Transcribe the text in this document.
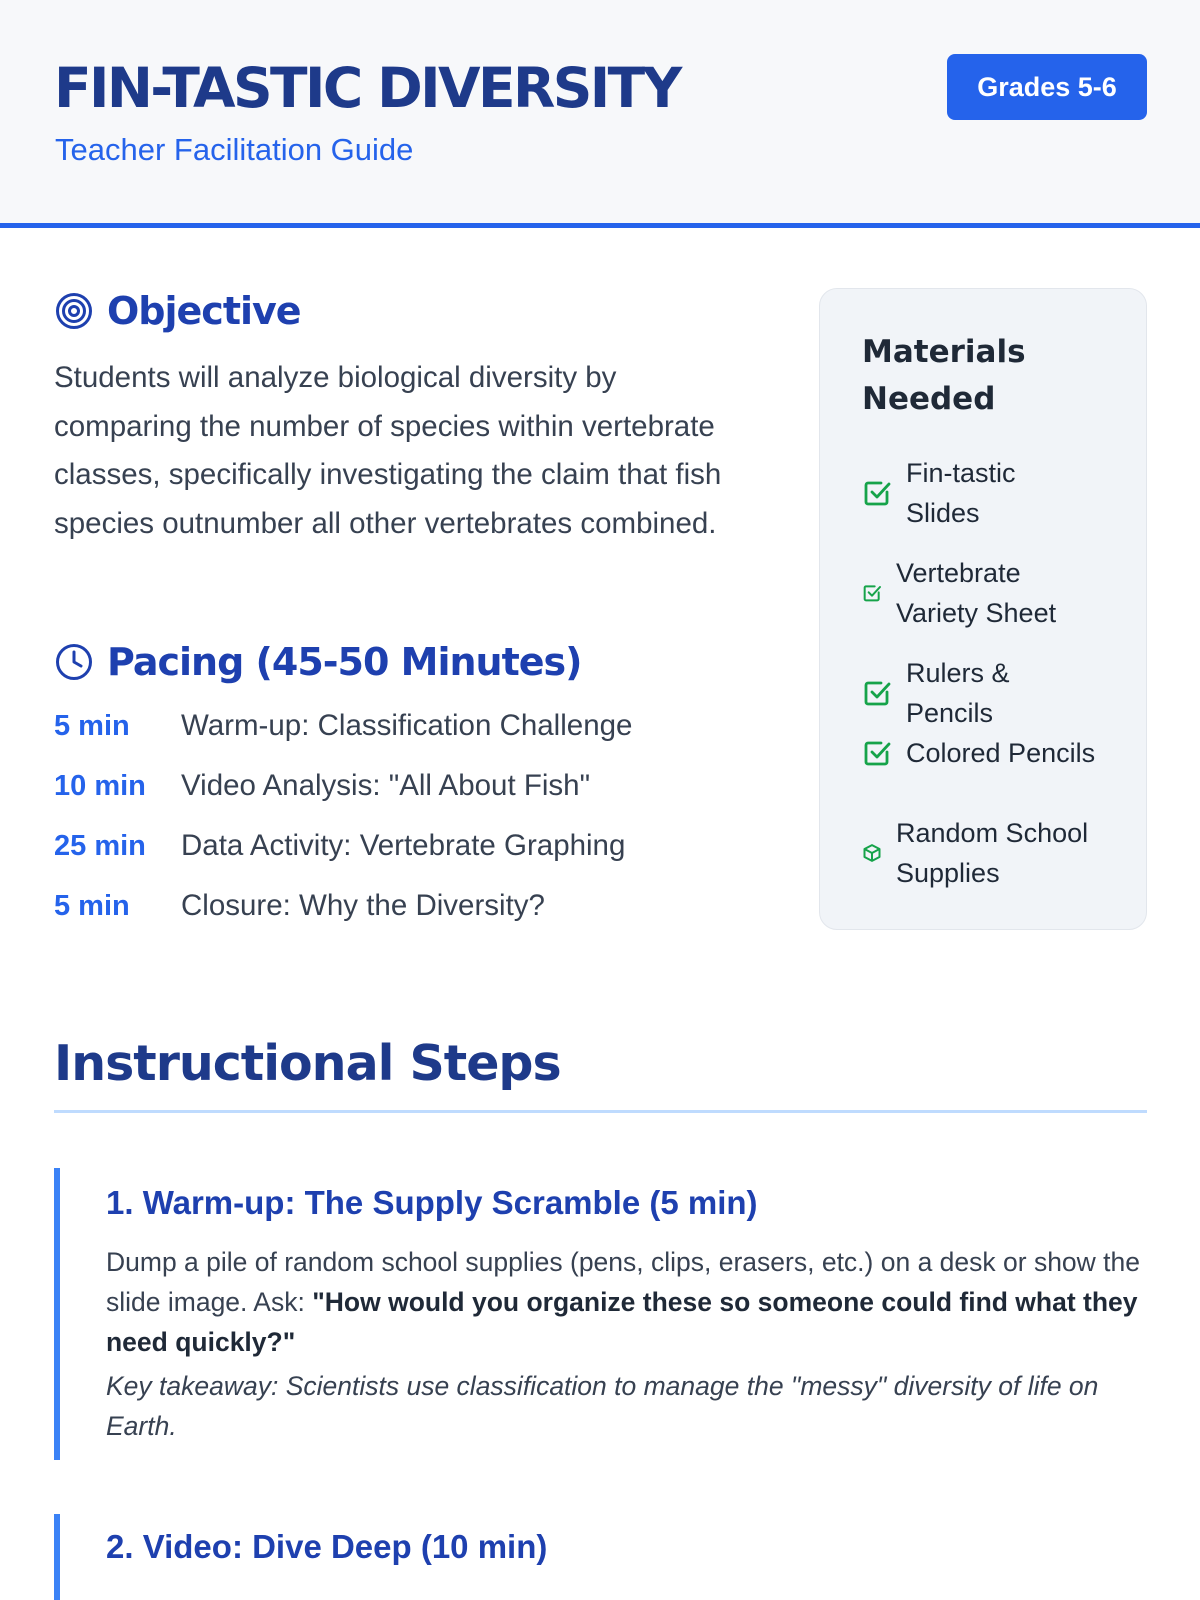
FIN-TASTIC DIVERSITY
Teacher Facilitation Guide
Grades 5-6
Objective

Students will analyze biological diversity by comparing the number of species within vertebrate classes, specifically investigating the claim that fish species outnumber all other vertebrates combined.

Pacing (45-50 Minutes)
5 min	Warm-up: Classification Challenge
10 min	Video Analysis: "All About Fish"
25 min	Data Activity: Vertebrate Graphing
5 min	Closure: Why the Diversity?
Materials Needed
Fin-tastic Slides
Vertebrate Variety Sheet
Rulers & Pencils
Colored Pencils
Random School Supplies
Instructional Steps
1. Warm-up: The Supply Scramble (5 min)

Dump a pile of random school supplies (pens, clips, erasers, etc.) on a desk or show the slide image. Ask: "How would you organize these so someone could find what they need quickly?"

Key takeaway: Scientists use classification to manage the "messy" diversity of life on Earth.

2. Video: Dive Deep (10 min)
